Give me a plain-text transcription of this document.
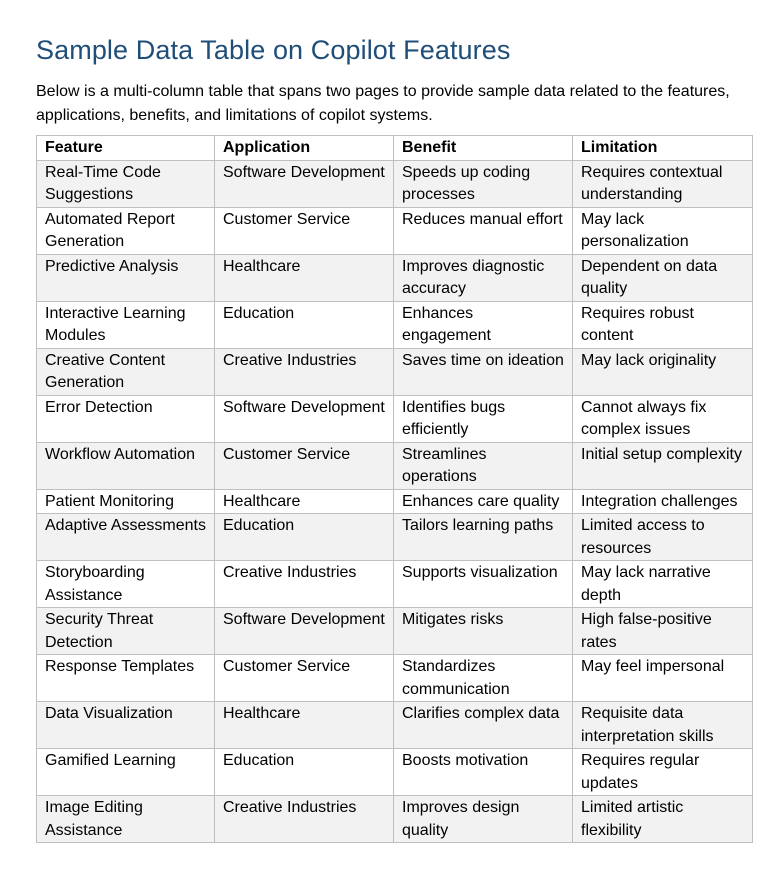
Sample Data Table on Copilot Features

Below is a multi-column table that spans two pages to provide sample data related to the features, applications, benefits, and limitations of copilot systems.

Feature	Application	Benefit	Limitation
Real-Time Code Suggestions	Software Development	Speeds up coding processes	Requires contextual understanding
Automated Report Generation	Customer Service	Reduces manual effort	May lack personalization
Predictive Analysis	Healthcare	Improves diagnostic accuracy	Dependent on data quality
Interactive Learning Modules	Education	Enhances engagement	Requires robust content
Creative Content Generation	Creative Industries	Saves time on ideation	May lack originality
Error Detection	Software Development	Identifies bugs efficiently	Cannot always fix complex issues
Workflow Automation	Customer Service	Streamlines operations	Initial setup complexity
Patient Monitoring	Healthcare	Enhances care quality	Integration challenges
Adaptive Assessments	Education	Tailors learning paths	Limited access to resources
Storyboarding Assistance	Creative Industries	Supports visualization	May lack narrative depth
Security Threat Detection	Software Development	Mitigates risks	High false-positive rates
Response Templates	Customer Service	Standardizes communication	May feel impersonal
Data Visualization	Healthcare	Clarifies complex data	Requisite data interpretation skills
Gamified Learning	Education	Boosts motivation	Requires regular updates
Image Editing Assistance	Creative Industries	Improves design quality	Limited artistic flexibility
